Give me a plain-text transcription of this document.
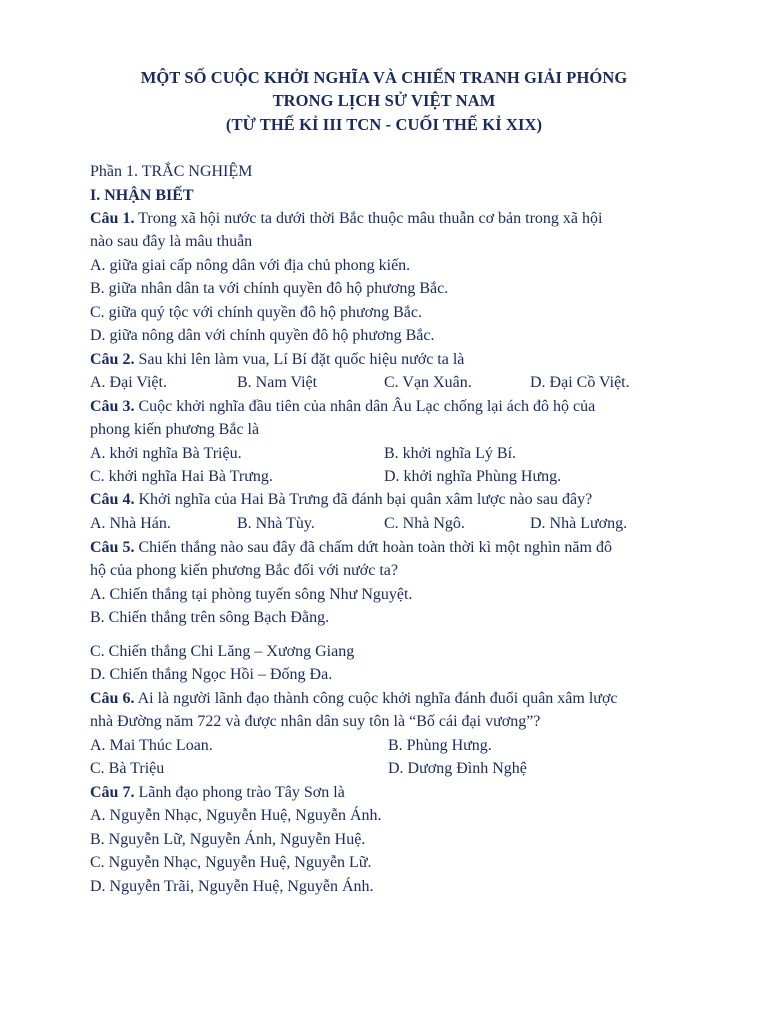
MỘT SỐ CUỘC KHỞI NGHĨA VÀ CHIẾN TRANH GIẢI PHÓNG
TRONG LỊCH SỬ VIỆT NAM
(TỪ THẾ KỈ III TCN - CUỐI THẾ KỈ XIX)
Phần 1. TRẮC NGHIỆM
I. NHẬN BIẾT
Câu 1. Trong xã hội nước ta dưới thời Bắc thuộc mâu thuẫn cơ bản trong xã hội
nào sau đây là mâu thuẫn
A. giữa giai cấp nông dân với địa chủ phong kiến.
B. giữa nhân dân ta với chính quyền đô hộ phương Bắc.
C. giữa quý tộc với chính quyền đô hộ phương Bắc.
D. giữa nông dân với chính quyền đô hộ phương Bắc.
Câu 2. Sau khi lên làm vua, Lí Bí đặt quốc hiệu nước ta là
A. Đại Việt.	B. Nam Việt	C. Vạn Xuân.	D. Đại Cồ Việt.
Câu 3. Cuộc khởi nghĩa đầu tiên của nhân dân Âu Lạc chống lại ách đô hộ của
phong kiến phương Bắc là
A. khởi nghĩa Bà Triệu.	B. khởi nghĩa Lý Bí.
C. khởi nghĩa Hai Bà Trưng.	D. khởi nghĩa Phùng Hưng.
Câu 4. Khởi nghĩa của Hai Bà Trưng đã đánh bại quân xâm lược nào sau đây?
A. Nhà Hán.	B. Nhà Tùy.	C. Nhà Ngô.	D. Nhà Lương.
Câu 5. Chiến thắng nào sau đây đã chấm dứt hoàn toàn thời kì một nghìn năm đô
hộ của phong kiến phương Bắc đối với nước ta?
A. Chiến thắng tại phòng tuyến sông Như Nguyệt.
B. Chiến thắng trên sông Bạch Đằng.
C. Chiến thắng Chi Lăng – Xương Giang
D. Chiến thắng Ngọc Hồi – Đống Đa.
Câu 6. Ai là người lãnh đạo thành công cuộc khởi nghĩa đánh đuổi quân xâm lược
nhà Đường năm 722 và được nhân dân suy tôn là “Bố cái đại vương”?
A. Mai Thúc Loan.	B. Phùng Hưng.
C. Bà Triệu	D. Dương Đình Nghệ
Câu 7. Lãnh đạo phong trào Tây Sơn là
A. Nguyễn Nhạc, Nguyễn Huệ, Nguyễn Ánh.
B. Nguyễn Lữ, Nguyễn Ánh, Nguyễn Huệ.
C. Nguyễn Nhạc, Nguyễn Huệ, Nguyễn Lữ.
D. Nguyễn Trãi, Nguyễn Huệ, Nguyễn Ánh.
